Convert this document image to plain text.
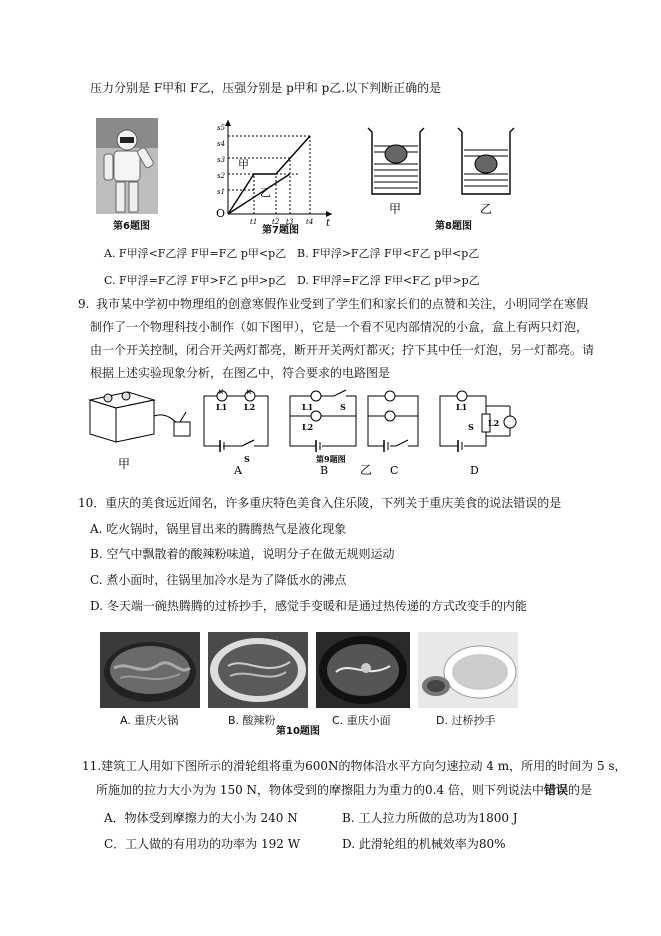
压力分别是 F甲和 F乙，压强分别是 p甲和 p乙.以下判断正确的是
第6题图
O
t
s1
s2
s3
s4
s5
t1 t2 t3 t4
甲
乙
第7题图
甲	乙
第8题图
A. F甲浮<F乙浮 F甲=F乙 p甲<p乙 B. F甲浮>F乙浮 F甲<F乙 p甲<p乙
C. F甲浮=F乙浮 F甲>F乙 p甲>p乙 D. F甲浮=F乙浮 F甲<F乙 p甲>p乙
9. 我市某中学初中物理组的创意寒假作业受到了学生们和家长们的点赞和关注，小明同学在寒假
制作了一个物理科技小制作（如下图甲），它是一个看不见内部情况的小盒，盒上有两只灯泡，
由一个开关控制，闭合开关两灯都亮，断开开关两灯都灭；拧下其中任一灯泡，另一灯都亮。请
根据上述实验现象分析，在图乙中，符合要求的电路图是
甲
×	×
L1 L2
S
A
L1
L2
S
第9题图
B	乙 C
L1
L2
S
D
10．重庆的美食远近闻名，许多重庆特色美食入住乐陵，下列关于重庆美食的说法错误的是
A. 吃火锅时，锅里冒出来的腾腾热气是液化现象
B. 空气中飘散着的酸辣粉味道，说明分子在做无规则运动
C. 煮小面时，往锅里加冷水是为了降低水的沸点
D. 冬天端一碗热腾腾的过桥抄手，感觉手变暖和是通过热传递的方式改变手的内能
A. 重庆火锅	B. 酸辣粉	C. 重庆小面	D. 过桥抄手
第10题图
11.建筑工人用如下图所示的滑轮组将重为600N的物体沿水平方向匀速拉动 4 m，所用的时间为 5 s，
所施加的拉力大小为为 150 N，物体受到的摩擦阻力为重力的0.4 倍，则下列说法中错误的是
A．物体受到摩擦力的大小为 240 N	B. 工人拉力所做的总功为1800 J
C．工人做的有用功的功率为 192 W	D. 此滑轮组的机械效率为80%
